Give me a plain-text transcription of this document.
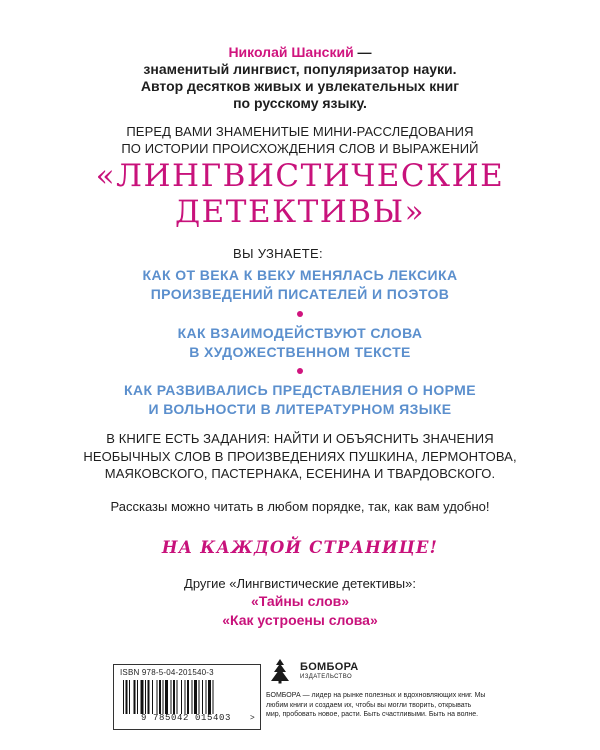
Николай Шанский —
знаменитый лингвист, популяризатор науки.
Автор десятков живых и увлекательных книг
по русскому языку.
ПЕРЕД ВАМИ ЗНАМЕНИТЫЕ МИНИ-РАССЛЕДОВАНИЯ
ПО ИСТОРИИ ПРОИСХОЖДЕНИЯ СЛОВ И ВЫРАЖЕНИЙ
«ЛИНГВИСТИЧЕСКИЕ
ДЕТЕКТИВЫ»
ВЫ УЗНАЕТЕ:
КАК ОТ ВЕКА К ВЕКУ МЕНЯЛАСЬ ЛЕКСИКА
ПРОИЗВЕДЕНИЙ ПИСАТЕЛЕЙ И ПОЭТОВ
КАК ВЗАИМОДЕЙСТВУЮТ СЛОВА
В ХУДОЖЕСТВЕННОМ ТЕКСТЕ
КАК РАЗВИВАЛИСЬ ПРЕДСТАВЛЕНИЯ О НОРМЕ
И ВОЛЬНОСТИ В ЛИТЕРАТУРНОМ ЯЗЫКЕ
В КНИГЕ ЕСТЬ ЗАДАНИЯ: НАЙТИ И ОБЪЯСНИТЬ ЗНАЧЕНИЯ
НЕОБЫЧНЫХ СЛОВ В ПРОИЗВЕДЕНИЯХ ПУШКИНА, ЛЕРМОНТОВА,
МАЯКОВСКОГО, ПАСТЕРНАКА, ЕСЕНИНА И ТВАРДОВСКОГО.
Рассказы можно читать в любом порядке, так, как вам удобно!
НА КАЖДОЙ СТРАНИЦЕ!
Другие «Лингвистические детективы»:
«Тайны слов»
«Как устроены слова»
ISBN 978-5-04-201540-3
9 785042 015403	>
БОМБОРА
ИЗДАТЕЛЬСТВО
БОМБОРА — лидер на рынке полезных и вдохновляющих книг. Мы любим книги и создаем их, чтобы вы могли творить, открывать мир, пробовать новое, расти. Быть счастливыми. Быть на волне.
